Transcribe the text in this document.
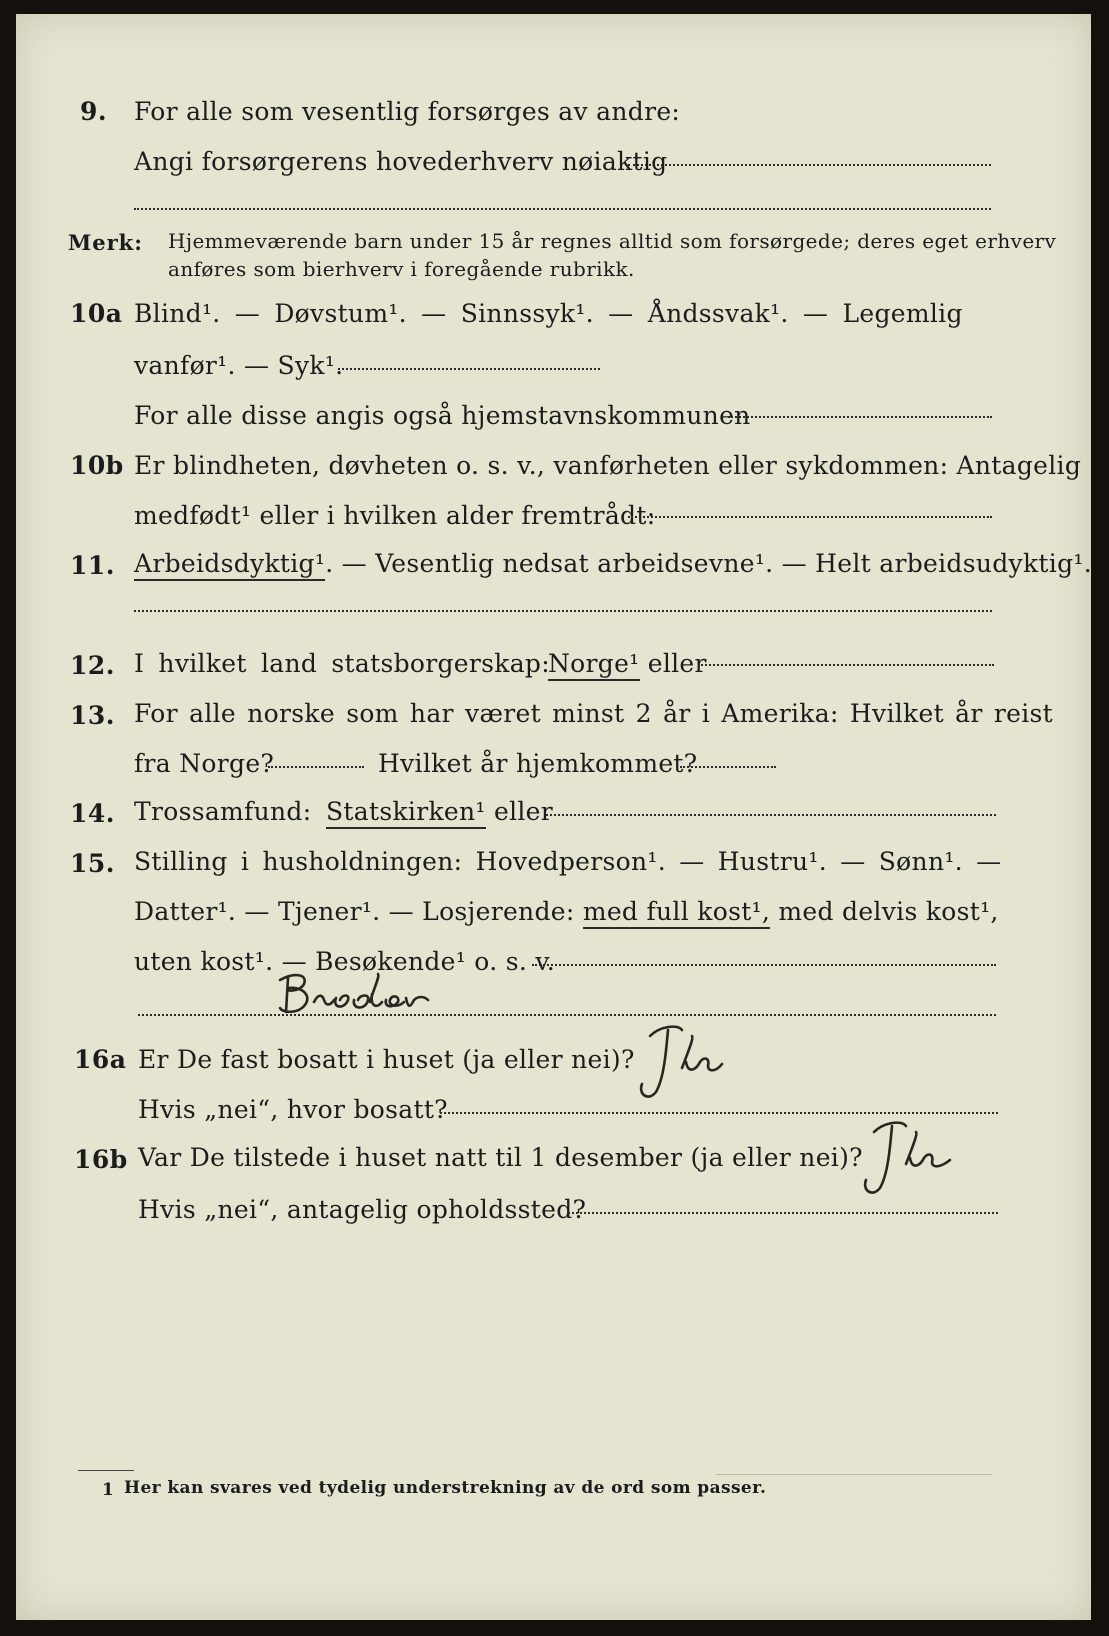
9. For alle som vesentlig forsørges av andre:
Angi forsørgerens hovederhverv nøiaktig
Merk: Hjemmeværende barn under 15 år regnes alltid som forsørgede; deres eget erhverv
anføres som bierhverv i foregående rubrikk.
10a Blind¹. — Døvstum¹. — Sinnssyk¹. — Åndssvak¹. — Legemlig
vanfør¹. — Syk¹.
For alle disse angis også hjemstavnskommunen
10b Er blindheten, døvheten o. s. v., vanførheten eller sykdommen: Antagelig
medfødt¹ eller i hvilken alder fremtrådt:
11. Arbeidsdyktig¹. — Vesentlig nedsat arbeidsevne¹. — Helt arbeidsudyktig¹.
12. I hvilket land statsborgerskap:
Norge¹ eller
13. For alle norske som har været minst 2 år i Amerika: Hvilket år reist
fra Norge?	Hvilket år hjemkommet?
14. Trossamfund: Statskirken¹ eller
15. Stilling i husholdningen: Hovedperson¹. — Hustru¹. — Sønn¹. —
Datter¹. — Tjener¹. — Losjerende: med full kost¹, med delvis kost¹,
uten kost¹. — Besøkende¹ o. s. v.
16a Er De fast bosatt i huset (ja eller nei)?
Hvis „nei“, hvor bosatt?
16b Var De tilstede i huset natt til 1 desember (ja eller nei)?
Hvis „nei“, antagelig opholdssted?
1 Her kan svares ved tydelig understrekning av de ord som passer.
